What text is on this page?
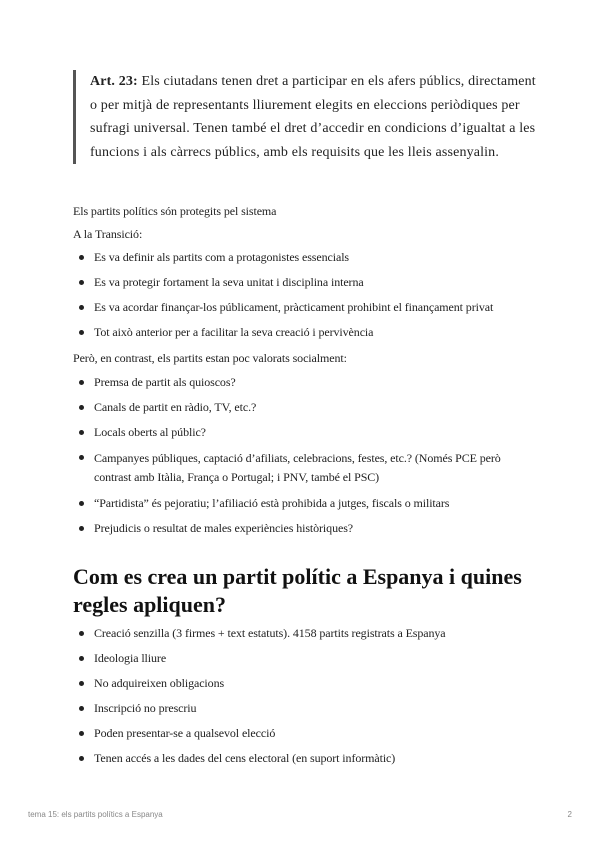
Art. 23: Els ciutadans tenen dret a participar en els afers públics, directament o per mitjà de representants lliurement elegits en eleccions periòdiques per sufragi universal. Tenen també el dret d’accedir en condicions d’igualtat a les funcions i als càrrecs públics, amb els requisits que les lleis assenyalin.
Els partits polítics són protegits pel sistema
A la Transició:
Es va definir als partits com a protagonistes essencials
Es va protegir fortament la seva unitat i disciplina interna
Es va acordar finançar-los públicament, pràcticament prohibint el finançament privat
Tot això anterior per a facilitar la seva creació i pervivència
Però, en contrast, els partits estan poc valorats socialment:
Premsa de partit als quioscos?
Canals de partit en ràdio, TV, etc.?
Locals oberts al públic?
Campanyes públiques, captació d’afiliats, celebracions, festes, etc.? (Només PCE però contrast amb Itàlia, França o Portugal; i PNV, també el PSC)
“Partidista” és pejoratiu; l’afiliació està prohibida a jutges, fiscals o militars
Prejudicis o resultat de males experiències històriques?
Com es crea un partit polític a Espanya i quines regles apliquen?
Creació senzilla (3 firmes + text estatuts). 4158 partits registrats a Espanya
Ideologia lliure
No adquireixen obligacions
Inscripció no prescriu
Poden presentar-se a qualsevol elecció
Tenen accés a les dades del cens electoral (en suport informàtic)
tema 15: els partits polítics a Espanya	2
